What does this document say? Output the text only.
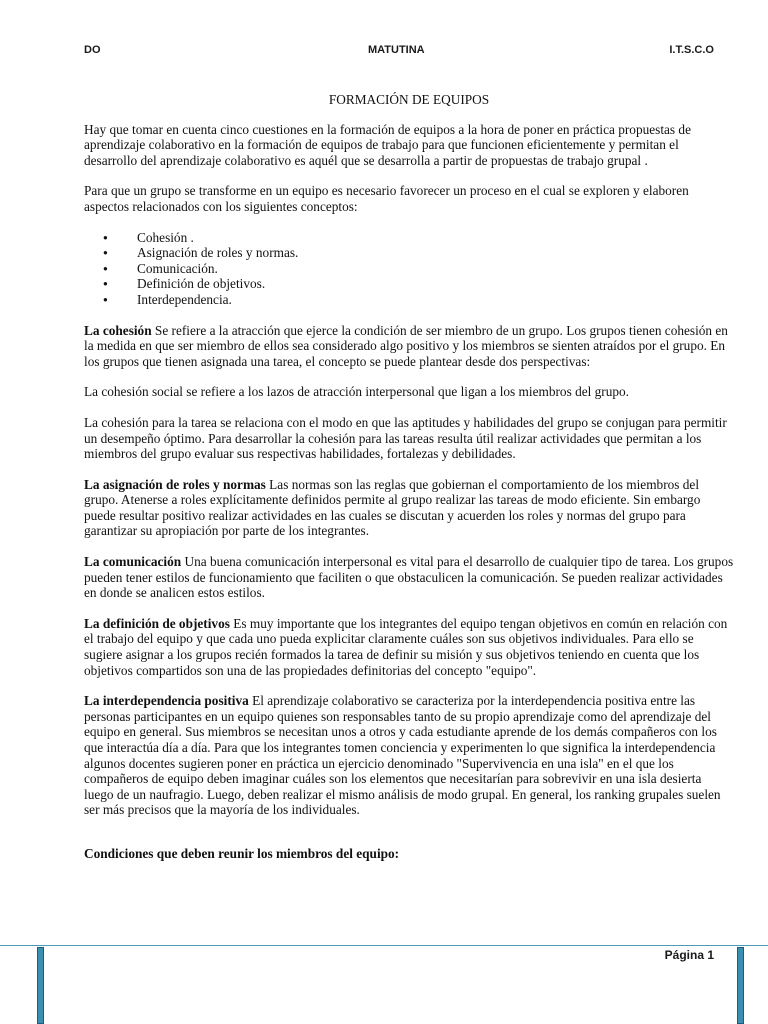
DO	MATUTINA	I.T.S.C.O
FORMACIÓN DE EQUIPOS

Hay que tomar en cuenta cinco cuestiones en la formación de equipos a la hora de poner en práctica propuestas de aprendizaje colaborativo en la formación de equipos de trabajo para que funcionen eficientemente y permitan el desarrollo del aprendizaje colaborativo es aquél que se desarrolla a partir de propuestas de trabajo grupal .

Para que un grupo se transforme en un equipo es necesario favorecer un proceso en el cual se exploren y elaboren aspectos relacionados con los siguientes conceptos:

● Cohesión .
● Asignación de roles y normas.
● Comunicación.
● Definición de objetivos.
● Interdependencia.

La cohesión Se refiere a la atracción que ejerce la condición de ser miembro de un grupo. Los grupos tienen cohesión en la medida en que ser miembro de ellos sea considerado algo positivo y los miembros se sienten atraídos por el grupo. En los grupos que tienen asignada una tarea, el concepto se puede plantear desde dos perspectivas:

La cohesión social se refiere a los lazos de atracción interpersonal que ligan a los miembros del grupo.

La cohesión para la tarea se relaciona con el modo en que las aptitudes y habilidades del grupo se conjugan para permitir un desempeño óptimo. Para desarrollar la cohesión para las tareas resulta útil realizar actividades que permitan a los miembros del grupo evaluar sus respectivas habilidades, fortalezas y debilidades.

La asignación de roles y normas Las normas son las reglas que gobiernan el comportamiento de los miembros del grupo. Atenerse a roles explícitamente definidos permite al grupo realizar las tareas de modo eficiente. Sin embargo puede resultar positivo realizar actividades en las cuales se discutan y acuerden los roles y normas del grupo para garantizar su apropiación por parte de los integrantes.

La comunicación Una buena comunicación interpersonal es vital para el desarrollo de cualquier tipo de tarea. Los grupos pueden tener estilos de funcionamiento que faciliten o que obstaculicen la comunicación. Se pueden realizar actividades en donde se analicen estos estilos.

La definición de objetivos Es muy importante que los integrantes del equipo tengan objetivos en común en relación con el trabajo del equipo y que cada uno pueda explicitar claramente cuáles son sus objetivos individuales. Para ello se sugiere asignar a los grupos recién formados la tarea de definir su misión y sus objetivos teniendo en cuenta que los objetivos compartidos son una de las propiedades definitorias del concepto "equipo".

La interdependencia positiva El aprendizaje colaborativo se caracteriza por la interdependencia positiva entre las personas participantes en un equipo quienes son responsables tanto de su propio aprendizaje como del aprendizaje del equipo en general. Sus miembros se necesitan unos a otros y cada estudiante aprende de los demás compañeros con los que interactúa día a día. Para que los integrantes tomen conciencia y experimenten lo que significa la interdependencia algunos docentes sugieren poner en práctica un ejercicio denominado "Supervivencia en una isla" en el que los compañeros de equipo deben imaginar cuáles son los elementos que necesitarían para sobrevivir en una isla desierta luego de un naufragio. Luego, deben realizar el mismo análisis de modo grupal. En general, los ranking grupales suelen ser más precisos que la mayoría de los individuales.

Condiciones que deben reunir los miembros del equipo:

Página 1
